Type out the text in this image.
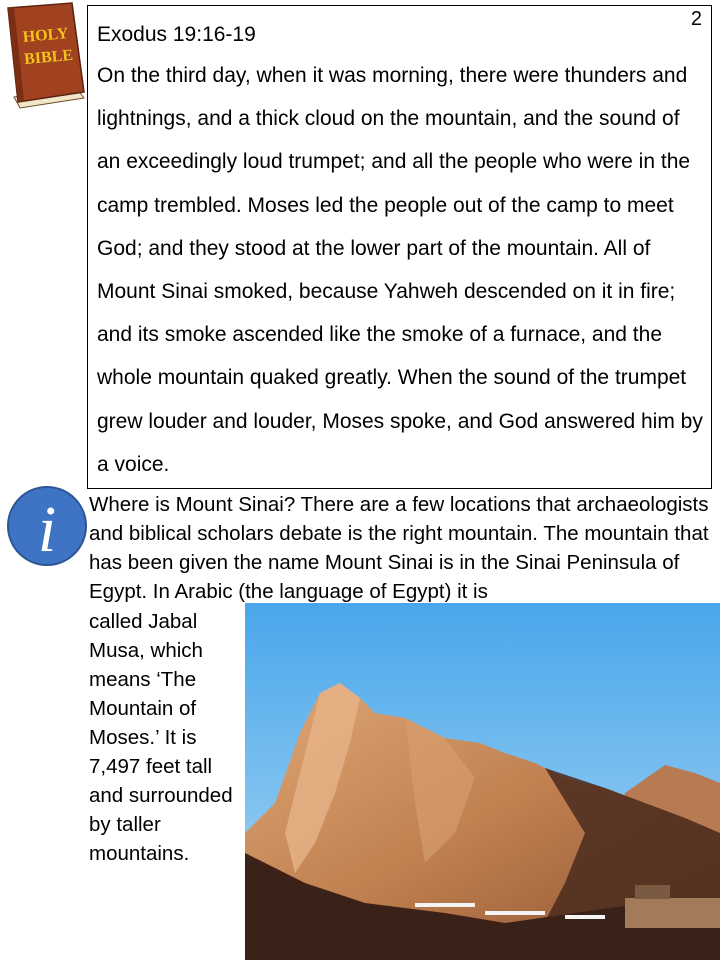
2
HOLY
BIBLE
Exodus 19:16-19
On the third day, when it was morning, there were thunders and lightnings, and a thick cloud on the mountain, and the sound of an exceedingly loud trumpet; and all the people who were in the camp trembled. Moses led the people out of the camp to meet God; and they stood at the lower part of the mountain. All of Mount Sinai smoked, because Yahweh descended on it in fire; and its smoke ascended like the smoke of a furnace, and the whole mountain quaked greatly. When the sound of the trumpet grew louder and louder, Moses spoke, and God answered him by a voice.
i Where is Mount Sinai? There are a few locations that archaeologists and biblical scholars debate is the right mountain. The mountain that has been given the name Mount Sinai is in the Sinai Peninsula of Egypt. In Arabic (the language of Egypt) it is
called Jabal Musa, which means ‘The Mountain of Moses.’ It is 7,497 feet tall and surrounded by taller mountains.
